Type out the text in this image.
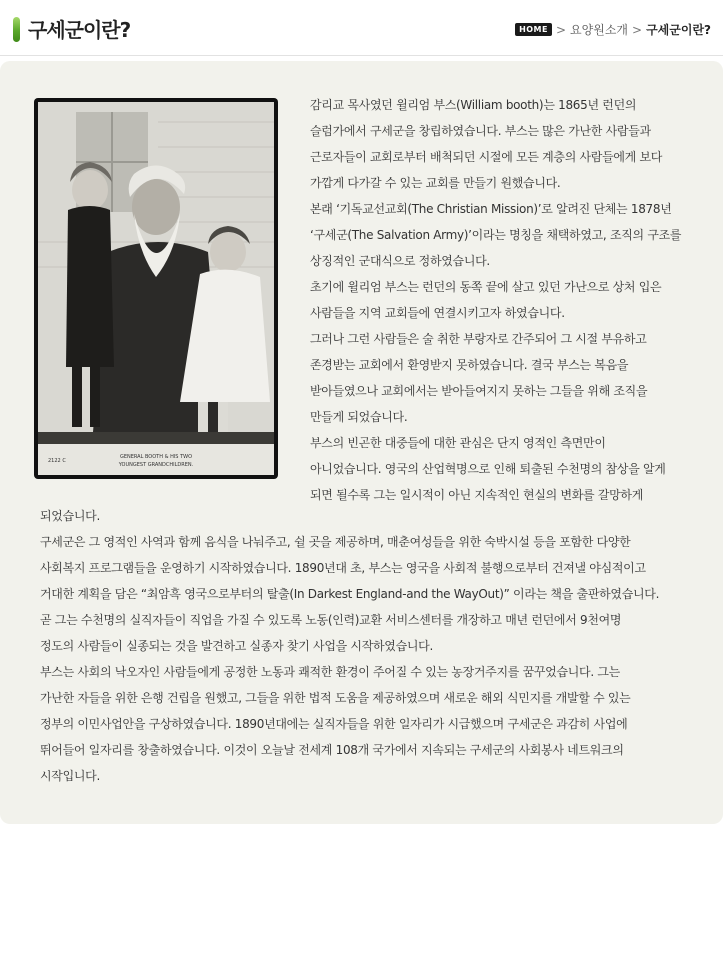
구세군이란?	HOME > 요양원소개 > 구세군이란?
2122 C
GENERAL BOOTH & HIS TWO
YOUNGEST GRANDCHILDREN.

감리교 목사였던 윌리엄 부스(William booth)는 1865년 런던의

슬럼가에서 구세군을 창립하였습니다. 부스는 많은 가난한 사람들과

근로자들이 교회로부터 배척되던 시절에 모든 계층의 사람들에게 보다

가깝게 다가갈 수 있는 교회를 만들기 원했습니다.

본래 ‘기독교선교회(The Christian Mission)’로 알려진 단체는 1878년

‘구세군(The Salvation Army)’이라는 명칭을 채택하였고, 조직의 구조를

상징적인 군대식으로 정하였습니다.

초기에 윌리엄 부스는 런던의 동쪽 끝에 살고 있던 가난으로 상처 입은

사람들을 지역 교회들에 연결시키고자 하였습니다.

그러나 그런 사람들은 술 취한 부랑자로 간주되어 그 시절 부유하고

존경받는 교회에서 환영받지 못하였습니다. 결국 부스는 복음을

받아들였으나 교회에서는 받아들여지지 못하는 그들을 위해 조직을

만들게 되었습니다.

부스의 빈곤한 대중들에 대한 관심은 단지 영적인 측면만이

아니었습니다. 영국의 산업혁명으로 인해 퇴출된 수천명의 참상을 알게

되면 될수록 그는 일시적이 아닌 지속적인 현실의 변화를 갈망하게

되었습니다.

구세군은 그 영적인 사역과 함께 음식을 나눠주고, 쉴 곳을 제공하며, 매춘여성들을 위한 숙박시설 등을 포함한 다양한

사회복지 프로그램들을 운영하기 시작하였습니다. 1890년대 초, 부스는 영국을 사회적 불행으로부터 건져낼 야심적이고

거대한 계획을 담은 “최암흑 영국으로부터의 탈출(In Darkest England-and the WayOut)” 이라는 책을 출판하였습니다.

곧 그는 수천명의 실직자들이 직업을 가질 수 있도록 노동(인력)교환 서비스센터를 개장하고 매년 런던에서 9천여명

정도의 사람들이 실종되는 것을 발견하고 실종자 찾기 사업을 시작하였습니다.

부스는 사회의 낙오자인 사람들에게 공정한 노동과 쾌적한 환경이 주어질 수 있는 농장거주지를 꿈꾸었습니다. 그는

가난한 자들을 위한 은행 건립을 원했고, 그들을 위한 법적 도움을 제공하였으며 새로운 해외 식민지를 개발할 수 있는

정부의 이민사업안을 구상하였습니다. 1890년대에는 실직자들을 위한 일자리가 시급했으며 구세군은 과감히 사업에

뛰어들어 일자리를 창출하였습니다. 이것이 오늘날 전세계 108개 국가에서 지속되는 구세군의 사회봉사 네트워크의

시작입니다.
